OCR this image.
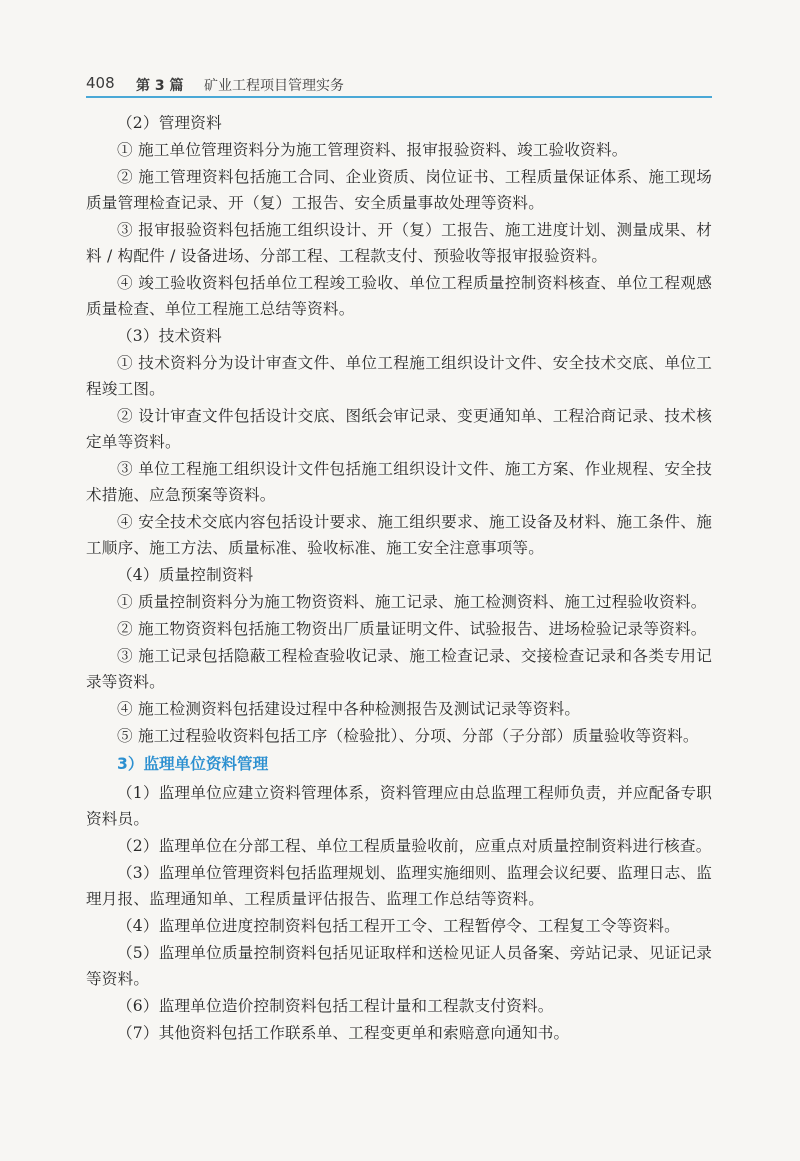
408 第 3 篇 矿业工程项目管理实务

（2）管理资料

① 施工单位管理资料分为施工管理资料、报审报验资料、竣工验收资料。

② 施工管理资料包括施工合同、企业资质、岗位证书、工程质量保证体系、施工现场质量管理检查记录、开（复）工报告、安全质量事故处理等资料。

③ 报审报验资料包括施工组织设计、开（复）工报告、施工进度计划、测量成果、材料 / 构配件 / 设备进场、分部工程、工程款支付、预验收等报审报验资料。

④ 竣工验收资料包括单位工程竣工验收、单位工程质量控制资料核查、单位工程观感质量检查、单位工程施工总结等资料。

（3）技术资料

① 技术资料分为设计审查文件、单位工程施工组织设计文件、安全技术交底、单位工程竣工图。

② 设计审查文件包括设计交底、图纸会审记录、变更通知单、工程洽商记录、技术核定单等资料。

③ 单位工程施工组织设计文件包括施工组织设计文件、施工方案、作业规程、安全技术措施、应急预案等资料。

④ 安全技术交底内容包括设计要求、施工组织要求、施工设备及材料、施工条件、施工顺序、施工方法、质量标准、验收标准、施工安全注意事项等。

（4）质量控制资料

① 质量控制资料分为施工物资资料、施工记录、施工检测资料、施工过程验收资料。

② 施工物资资料包括施工物资出厂质量证明文件、试验报告、进场检验记录等资料。

③ 施工记录包括隐蔽工程检查验收记录、施工检查记录、交接检查记录和各类专用记录等资料。

④ 施工检测资料包括建设过程中各种检测报告及测试记录等资料。

⑤ 施工过程验收资料包括工序（检验批）、分项、分部（子分部）质量验收等资料。

3）监理单位资料管理

（1）监理单位应建立资料管理体系，资料管理应由总监理工程师负责，并应配备专职资料员。

（2）监理单位在分部工程、单位工程质量验收前，应重点对质量控制资料进行核查。

（3）监理单位管理资料包括监理规划、监理实施细则、监理会议纪要、监理日志、监理月报、监理通知单、工程质量评估报告、监理工作总结等资料。

（4）监理单位进度控制资料包括工程开工令、工程暂停令、工程复工令等资料。

（5）监理单位质量控制资料包括见证取样和送检见证人员备案、旁站记录、见证记录等资料。

（6）监理单位造价控制资料包括工程计量和工程款支付资料。

（7）其他资料包括工作联系单、工程变更单和索赔意向通知书。
